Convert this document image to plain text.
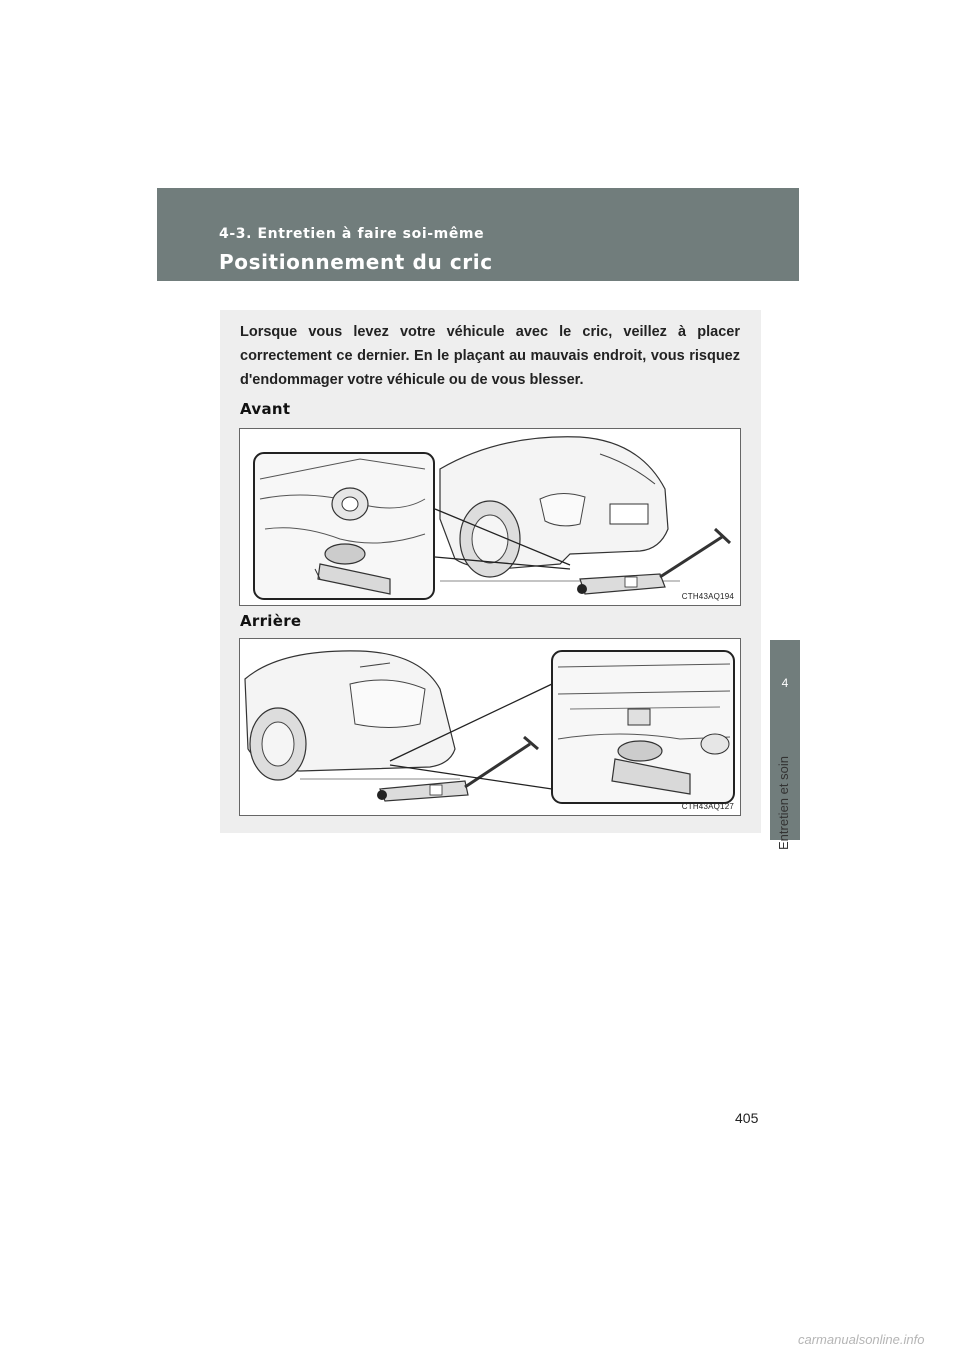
4-3. Entretien à faire soi-même
Positionnement du cric
4

Lorsque vous levez votre véhicule avec le cric, veillez à placer correctement ce dernier. En le plaçant au mauvais endroit, vous risquez d'endommager votre véhicule ou de vous blesser.

Avant
CTH43AQ194
Arrière
CTH43AQ127
405
carmanualsonline.info
